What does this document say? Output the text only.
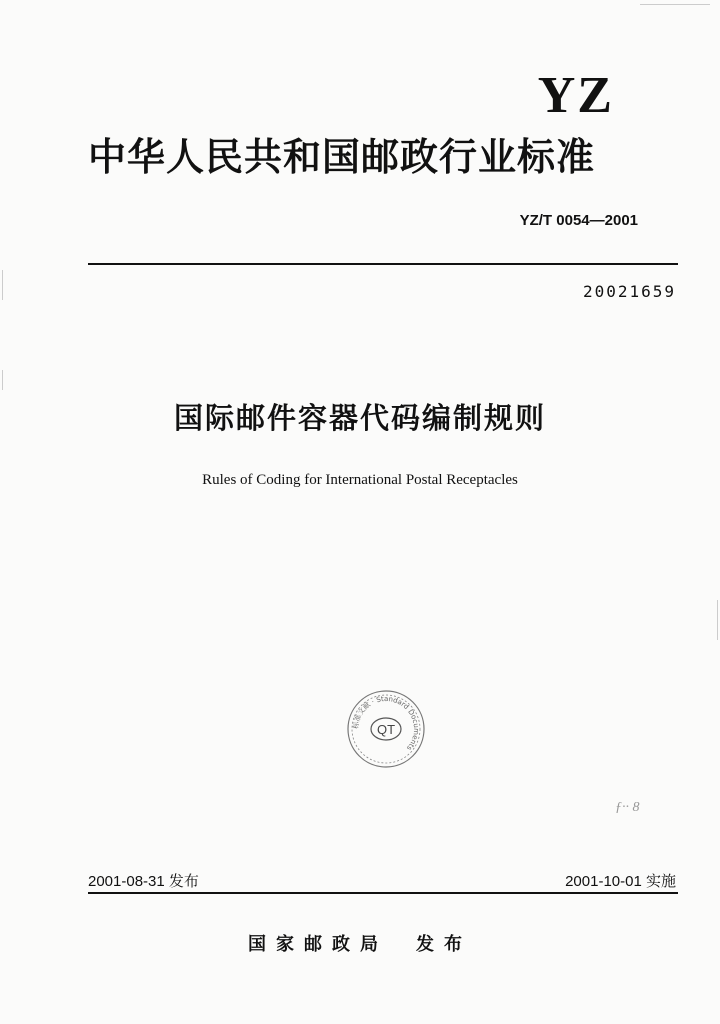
YZ
中华人民共和国邮政行业标准
YZ/T 0054—2001
20021659
国际邮件容器代码编制规则
Rules of Coding for International Postal Receptacles
标准文献 · Standard Documents
QT
ƒ·· 8
2001-08-31 发布	2001-10-01 实施
国家邮政局　发布
